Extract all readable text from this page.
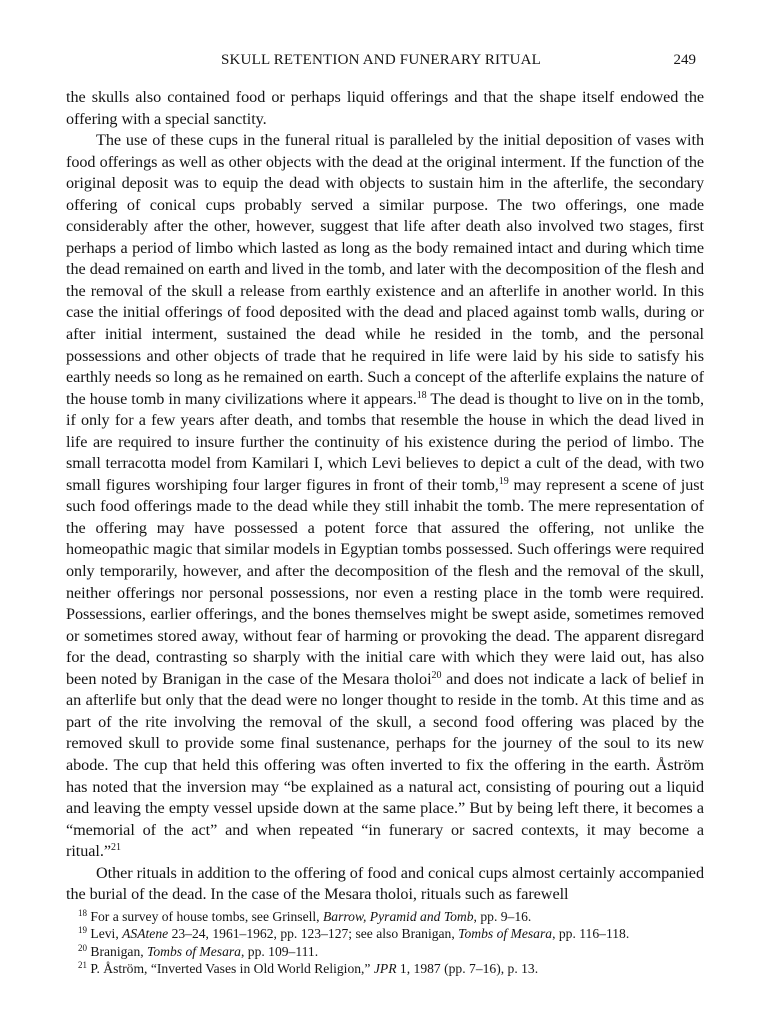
SKULL RETENTION AND FUNERARY RITUAL	249

the skulls also contained food or perhaps liquid offerings and that the shape itself endowed the offering with a special sanctity.

The use of these cups in the funeral ritual is paralleled by the initial deposition of vases with food offerings as well as other objects with the dead at the original interment. If the function of the original deposit was to equip the dead with objects to sustain him in the afterlife, the secondary offering of conical cups probably served a similar purpose. The two offerings, one made considerably after the other, however, suggest that life after death also involved two stages, first perhaps a period of limbo which lasted as long as the body remained intact and during which time the dead remained on earth and lived in the tomb, and later with the decomposition of the flesh and the removal of the skull a release from earthly existence and an afterlife in another world. In this case the initial offerings of food deposited with the dead and placed against tomb walls, during or after initial interment, sustained the dead while he resided in the tomb, and the personal possessions and other objects of trade that he required in life were laid by his side to satisfy his earthly needs so long as he remained on earth. Such a concept of the afterlife explains the nature of the house tomb in many civilizations where it appears.$^{18}$ The dead is thought to live on in the tomb, if only for a few years after death, and tombs that resemble the house in which the dead lived in life are required to insure further the continuity of his existence during the period of limbo. The small terracotta model from Kamilari I, which Levi believes to depict a cult of the dead, with two small figures worshiping four larger figures in front of their tomb,$^{19}$ may represent a scene of just such food offerings made to the dead while they still inhabit the tomb. The mere representation of the offering may have possessed a potent force that assured the offering, not unlike the homeopathic magic that similar models in Egyptian tombs possessed. Such offerings were required only temporarily, however, and after the decomposition of the flesh and the removal of the skull, neither offerings nor personal possessions, nor even a resting place in the tomb were required. Possessions, earlier offerings, and the bones themselves might be swept aside, sometimes removed or sometimes stored away, without fear of harming or provoking the dead. The apparent disregard for the dead, contrasting so sharply with the initial care with which they were laid out, has also been noted by Branigan in the case of the Mesara tholoi$^{20}$ and does not indicate a lack of belief in an afterlife but only that the dead were no longer thought to reside in the tomb. At this time and as part of the rite involving the removal of the skull, a second food offering was placed by the removed skull to provide some final sustenance, perhaps for the journey of the soul to its new abode. The cup that held this offering was often inverted to fix the offering in the earth. Åström has noted that the inversion may “be explained as a natural act, consisting of pouring out a liquid and leaving the empty vessel upside down at the same place.” But by being left there, it becomes a “memorial of the act” and when repeated “in funerary or sacred contexts, it may become a ritual.”$^{21}$

Other rituals in addition to the offering of food and conical cups almost certainly accompanied the burial of the dead. In the case of the Mesara tholoi, rituals such as farewell

$^{18}$ For a survey of house tombs, see Grinsell, Barrow, Pyramid and Tomb, pp. 9–16.

$^{19}$ Levi, ASAtene 23–24, 1961–1962, pp. 123–127; see also Branigan, Tombs of Mesara, pp. 116–118.

$^{20}$ Branigan, Tombs of Mesara, pp. 109–111.

$^{21}$ P. Åström, “Inverted Vases in Old World Religion,” JPR 1, 1987 (pp. 7–16), p. 13.
